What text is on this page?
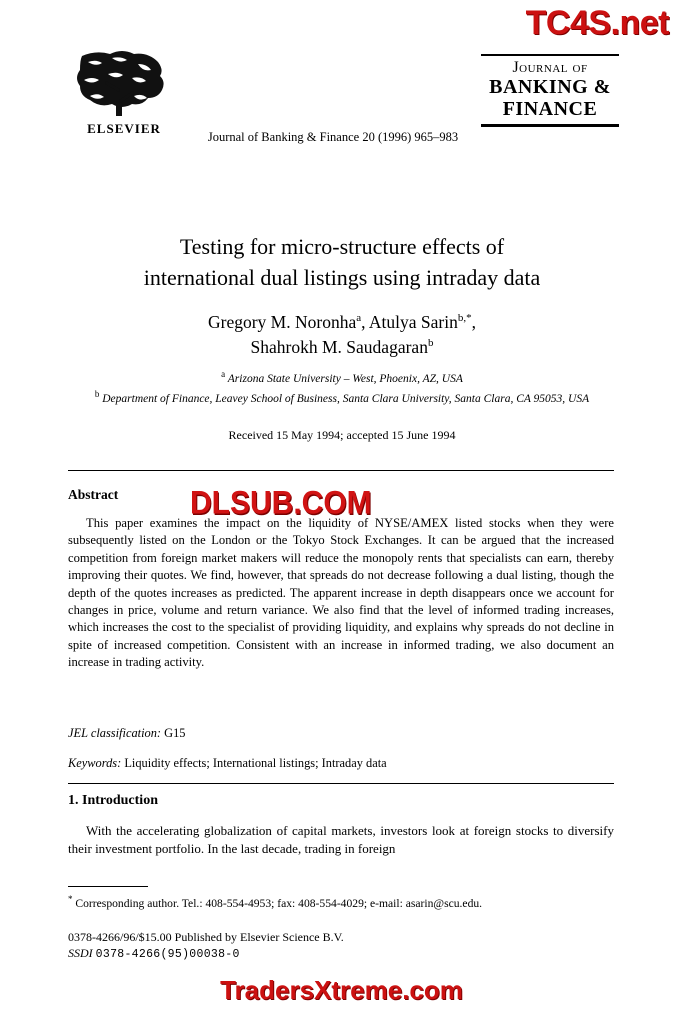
TC4S.net
ELSEVIER
Journal of Banking & Finance 20 (1996) 965–983
Journal of
BANKING &
FINANCE
Testing for micro-structure effects of
international dual listings using intraday data
Gregory M. Noronha$^a$, Atulya Sarin$^{b,*}$,
Shahrokh M. Saudagaran$^b$
$^a$ Arizona State University – West, Phoenix, AZ, USA
$^b$ Department of Finance, Leavey School of Business, Santa Clara University, Santa Clara, CA 95053, USA
Received 15 May 1994; accepted 15 June 1994
Abstract
This paper examines the impact on the liquidity of NYSE/AMEX listed stocks when they were subsequently listed on the London or the Tokyo Stock Exchanges. It can be argued that the increased competition from foreign market makers will reduce the monopoly rents that specialists can earn, thereby improving their quotes. We find, however, that spreads do not decrease following a dual listing, though the depth of the quotes increases as predicted. The apparent increase in depth disappears once we account for changes in price, volume and return variance. We also find that the level of informed trading increases, which increases the cost to the specialist of providing liquidity, and explains why spreads do not decline in spite of increased competition. Consistent with an increase in informed trading, we also document an increase in trading activity.
JEL classification: G15
Keywords: Liquidity effects; International listings; Intraday data
1. Introduction
With the accelerating globalization of capital markets, investors look at foreign stocks to diversify their investment portfolio. In the last decade, trading in foreign
* Corresponding author. Tel.: 408-554-4953; fax: 408-554-4029; e-mail: asarin@scu.edu.
0378-4266/96/$15.00 Published by Elsevier Science B.V.
SSDI 0378-4266(95)00038-0
DLSUB.COM
TradersXtreme.com
